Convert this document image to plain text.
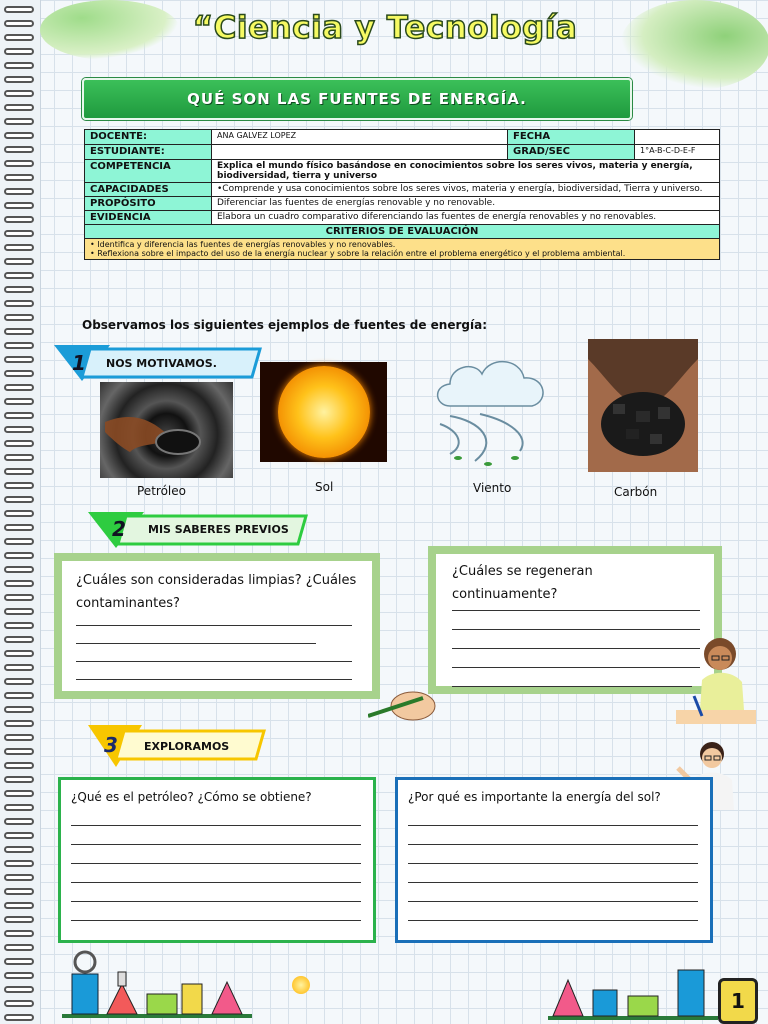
“Ciencia y Tecnología
QUÉ SON LAS FUENTES DE ENERGÍA.
DOCENTE:	ANA GALVEZ LOPEZ	FECHA	
ESTUDIANTE:		GRAD/SEC	1°A-B-C-D-E-F
COMPETENCIA	Explica el mundo físico basándose en conocimientos sobre los seres vivos, materia y energía, biodiversidad, tierra y universo		
CAPACIDADES	•Comprende y usa conocimientos sobre los seres vivos, materia y energía, biodiversidad, Tierra y universo.		
PROPÓSITO	Diferenciar las fuentes de energías renovable y no renovable.		
EVIDENCIA	Elabora un cuadro comparativo diferenciando las fuentes de energía renovables y no renovables.		
CRITERIOS DE EVALUACIÓN			

• Identifica y diferencia las fuentes de energías renovables y no renovables.
• Reflexiona sobre el impacto del uso de la energía nuclear y sobre la relación entre el problema energético y el problema ambiental.			
Observamos los siguientes ejemplos de fuentes de energía:
1 NOS MOTIVAMOS.
Petróleo	Sol	Viento	Carbón
2 MIS SABERES PREVIOS
¿Cuáles son consideradas limpias? ¿Cuáles contaminantes?
¿Cuáles se regeneran continuamente?
3 EXPLORAMOS
¿Qué es el petróleo? ¿Cómo se obtiene?	¿Por qué es importante la energía del sol?
1
